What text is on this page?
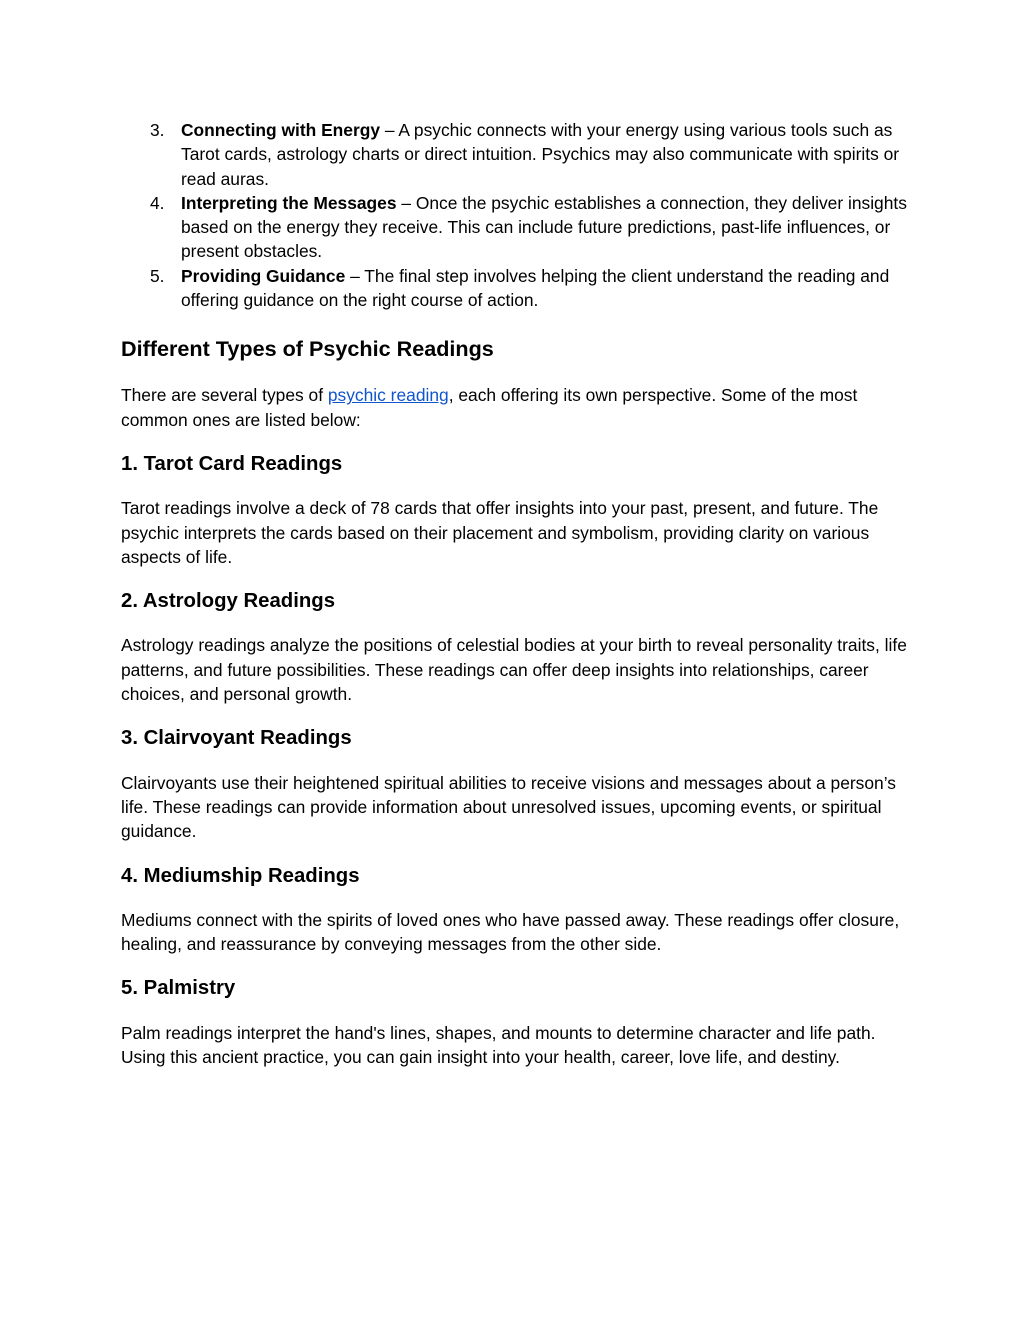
3. Connecting with Energy – A psychic connects with your energy using various tools such as Tarot cards, astrology charts or direct intuition. Psychics may also communicate with spirits or read auras.
4. Interpreting the Messages – Once the psychic establishes a connection, they deliver insights based on the energy they receive. This can include future predictions, past-life influences, or present obstacles.
5. Providing Guidance – The final step involves helping the client understand the reading and offering guidance on the right course of action.
Different Types of Psychic Readings

There are several types of psychic reading, each offering its own perspective. Some of the most common ones are listed below:

1. Tarot Card Readings

Tarot readings involve a deck of 78 cards that offer insights into your past, present, and future. The psychic interprets the cards based on their placement and symbolism, providing clarity on various aspects of life.

2. Astrology Readings

Astrology readings analyze the positions of celestial bodies at your birth to reveal personality traits, life patterns, and future possibilities. These readings can offer deep insights into relationships, career choices, and personal growth.

3. Clairvoyant Readings

Clairvoyants use their heightened spiritual abilities to receive visions and messages about a person’s life. These readings can provide information about unresolved issues, upcoming events, or spiritual guidance.

4. Mediumship Readings

Mediums connect with the spirits of loved ones who have passed away. These readings offer closure, healing, and reassurance by conveying messages from the other side.

5. Palmistry

Palm readings interpret the hand's lines, shapes, and mounts to determine character and life path. Using this ancient practice, you can gain insight into your health, career, love life, and destiny.
